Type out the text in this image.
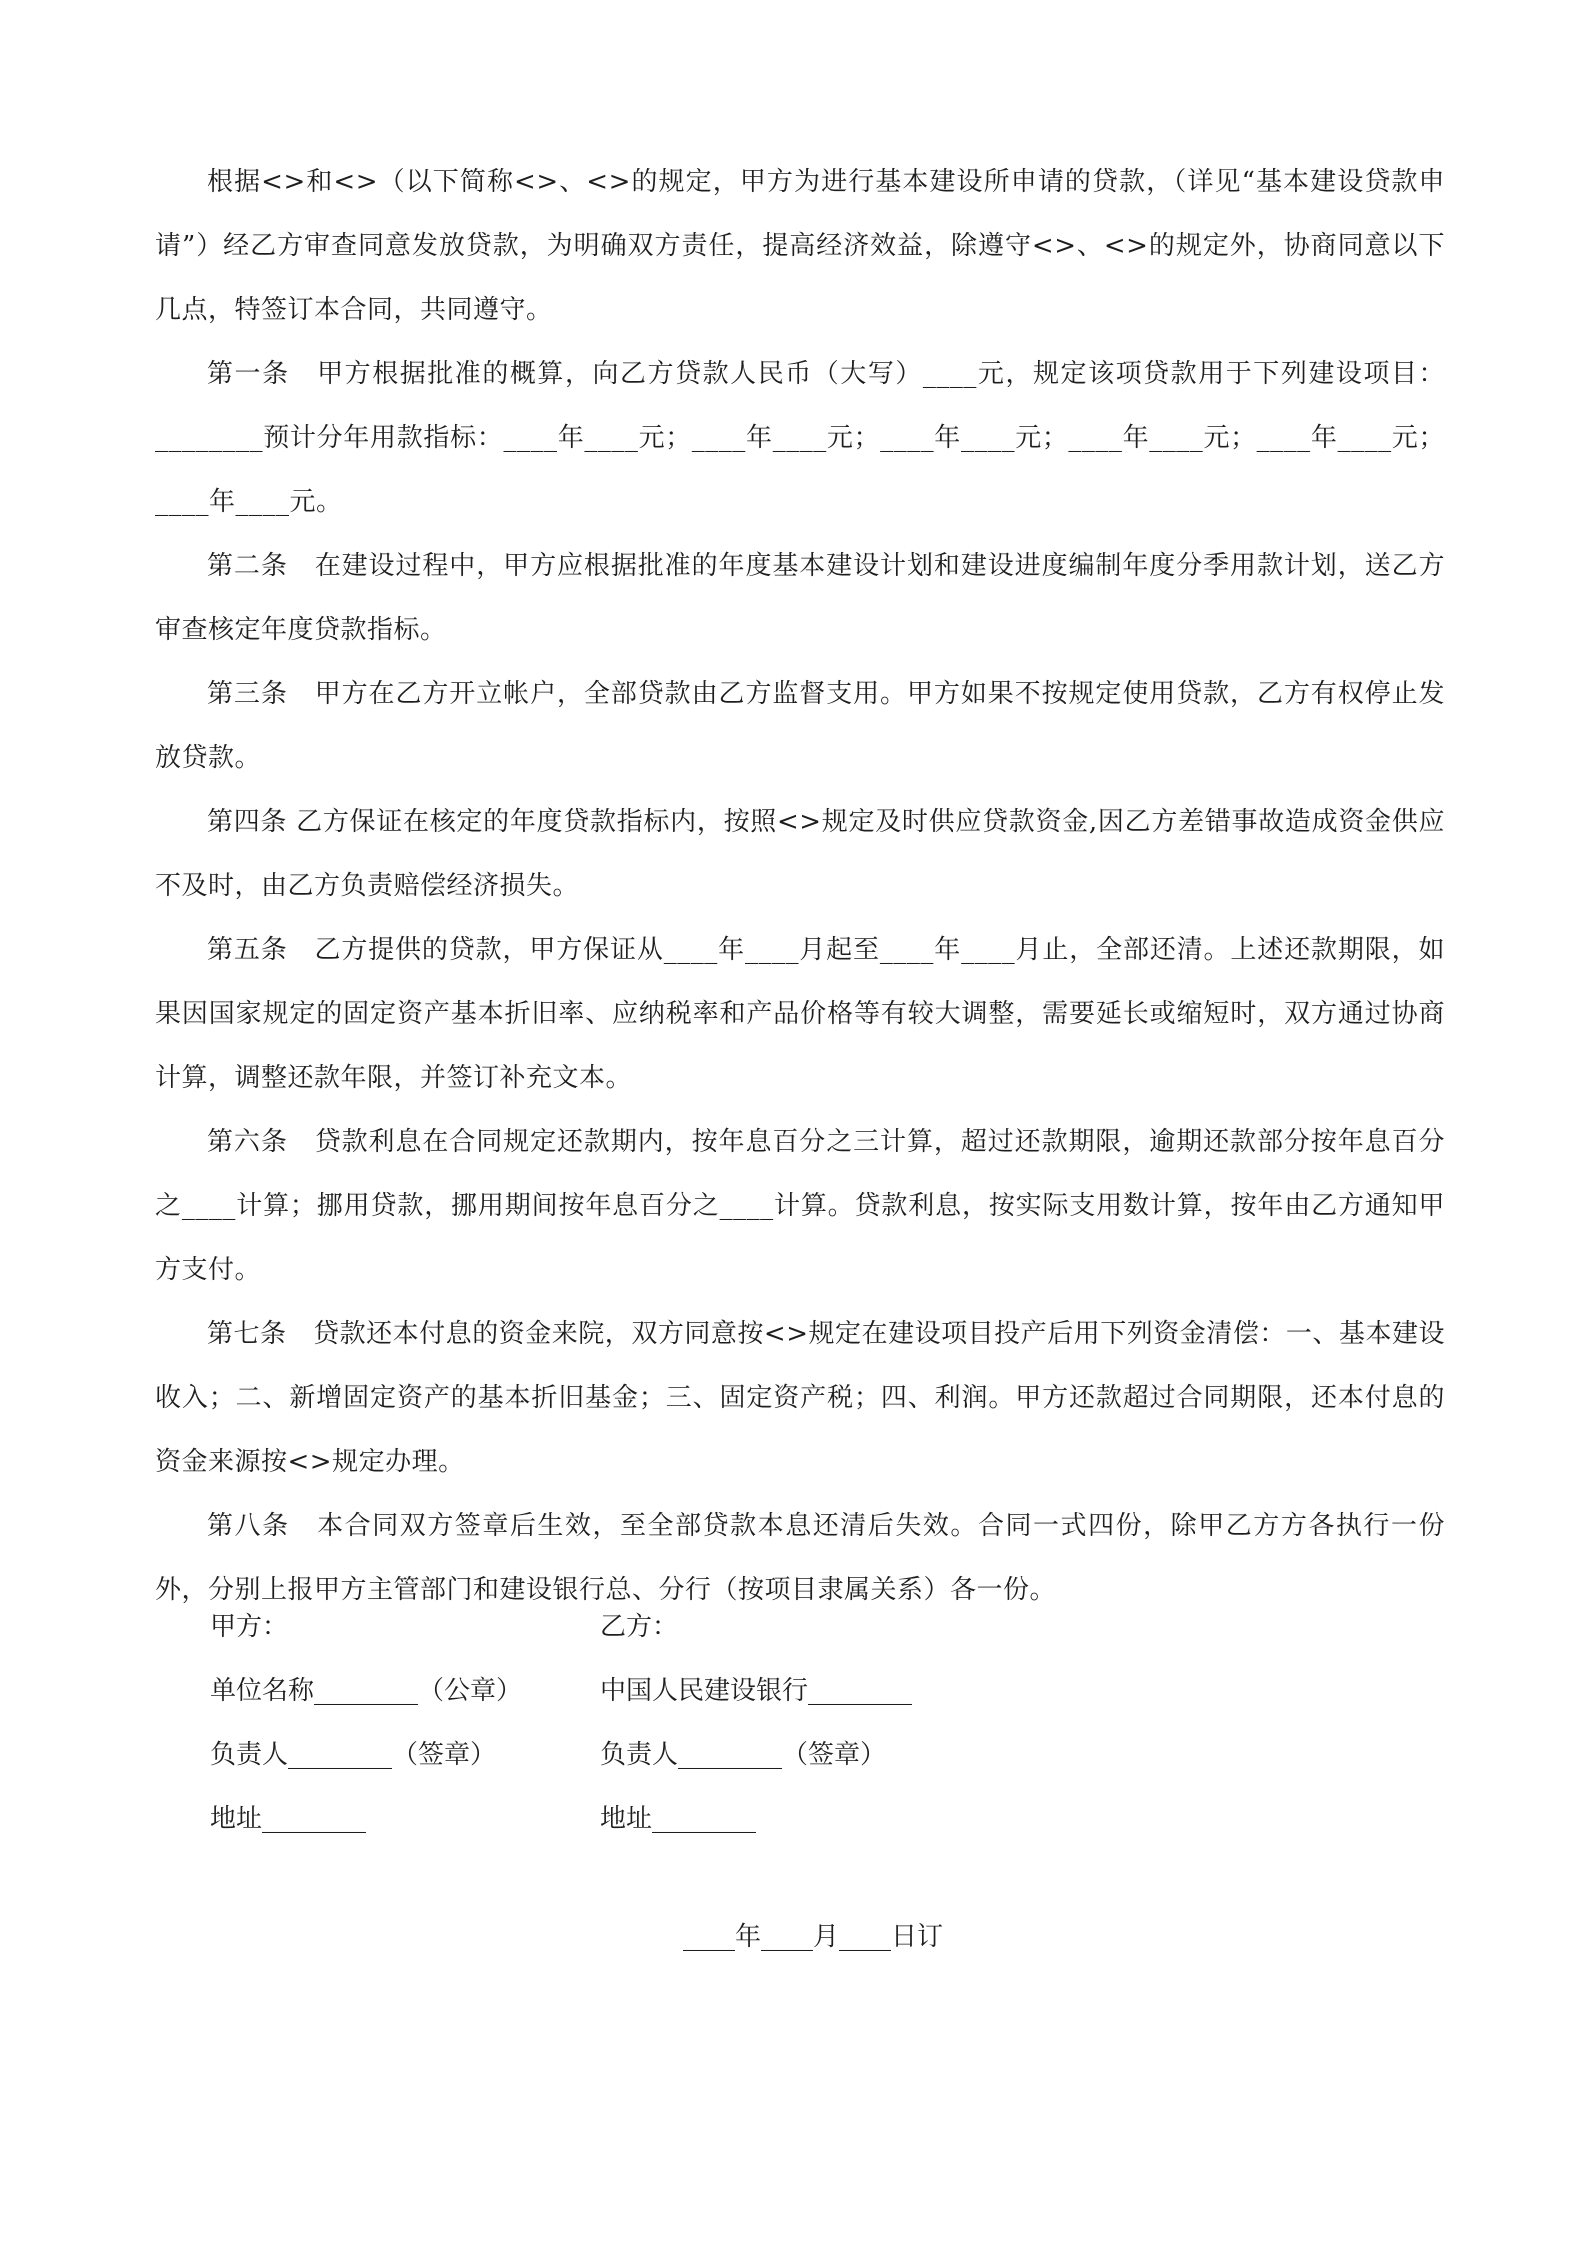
根据<>和<>（以下简称<>、<>的规定，甲方为进行基本建设所申请的贷款，（详见“基本建设贷款申请”）经乙方审查同意发放贷款，为明确双方责任，提高经济效益，除遵守<>、<>的规定外，协商同意以下几点，特签订本合同，共同遵守。

第一条　甲方根据批准的概算，向乙方贷款人民币（大写）____元，规定该项贷款用于下列建设项目：________预计分年用款指标：____年____元；____年____元；____年____元；____年____元；____年____元；____年____元。

第二条　在建设过程中，甲方应根据批准的年度基本建设计划和建设进度编制年度分季用款计划，送乙方审查核定年度贷款指标。

第三条　甲方在乙方开立帐户，全部贷款由乙方监督支用。甲方如果不按规定使用贷款，乙方有权停止发放贷款。

第四条 乙方保证在核定的年度贷款指标内，按照<>规定及时供应贷款资金,因乙方差错事故造成资金供应不及时，由乙方负责赔偿经济损失。

第五条　乙方提供的贷款，甲方保证从____年____月起至____年____月止，全部还清。上述还款期限，如果因国家规定的固定资产基本折旧率、应纳税率和产品价格等有较大调整，需要延长或缩短时，双方通过协商计算，调整还款年限，并签订补充文本。

第六条　贷款利息在合同规定还款期内，按年息百分之三计算，超过还款期限，逾期还款部分按年息百分之____计算；挪用贷款，挪用期间按年息百分之____计算。贷款利息，按实际支用数计算，按年由乙方通知甲方支付。

第七条　贷款还本付息的资金来院，双方同意按<>规定在建设项目投产后用下列资金清偿：一、基本建设收入；二、新增固定资产的基本折旧基金；三、固定资产税；四、利润。甲方还款超过合同期限，还本付息的资金来源按<>规定办理。

第八条　本合同双方签章后生效，至全部贷款本息还清后失效。合同一式四份，除甲乙方方各执行一份外，分别上报甲方主管部门和建设银行总、分行（按项目隶属关系）各一份。

甲方：	乙方：
单位名称________（公章）	中国人民建设银行________
负责人________（签章）	负责人________（签章）
地址________	地址________
____年____月____日订
